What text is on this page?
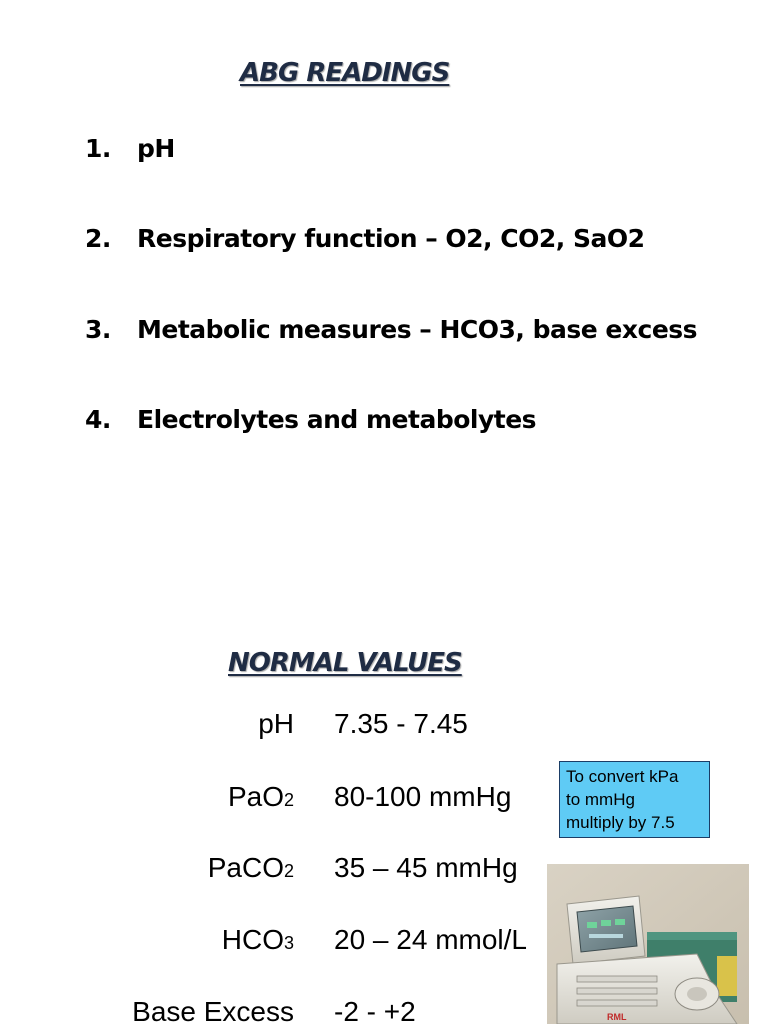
ABG READINGS
1.	pH
2.	Respiratory function – O2, CO2, SaO2
3.	Metabolic measures – HCO3, base excess
4.	Electrolytes and metabolytes
NORMAL VALUES
pH 7.35 - 7.45
PaO2 80-100 mmHg
PaCO2 35 – 45 mmHg
HCO3 20 – 24 mmol/L
Base Excess -2 - +2
To convert kPa
to mmHg
multiply by 7.5
RML
